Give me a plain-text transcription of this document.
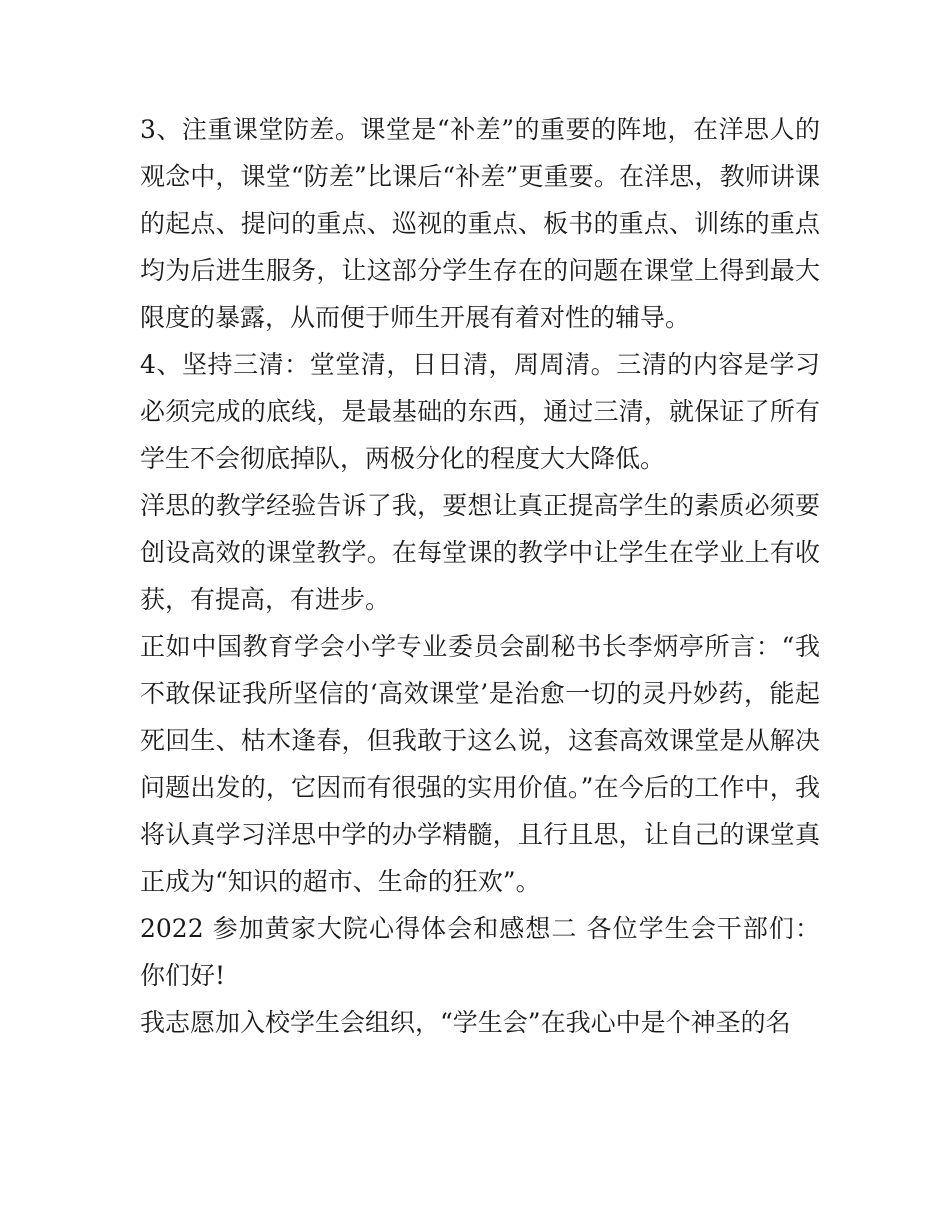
3、注重课堂防差。课堂是“补差”的重要的阵地，在洋思人的观念中，课堂“防差”比课后“补差”更重要。在洋思，教师讲课的起点、提问的重点、巡视的重点、板书的重点、训练的重点均为后进生服务，让这部分学生存在的问题在课堂上得到最大限度的暴露，从而便于师生开展有着对性的辅导。

4、坚持三清：堂堂清，日日清，周周清。三清的内容是学习必须完成的底线，是最基础的东西，通过三清，就保证了所有学生不会彻底掉队，两极分化的程度大大降低。

洋思的教学经验告诉了我，要想让真正提高学生的素质必须要创设高效的课堂教学。在每堂课的教学中让学生在学业上有收获，有提高，有进步。

正如中国教育学会小学专业委员会副秘书长李炳亭所言：“我不敢保证我所坚信的‘高效课堂’是治愈一切的灵丹妙药，能起死回生、枯木逢春，但我敢于这么说，这套高效课堂是从解决问题出发的，它因而有很强的实用价值。”在今后的工作中，我将认真学习洋思中学的办学精髓，且行且思，让自己的课堂真正成为“知识的超市、生命的狂欢”。

2022 参加黄家大院心得体会和感想二 各位学生会干部们： 你们好!

我志愿加入校学生会组织，“学生会”在我心中是个神圣的名
